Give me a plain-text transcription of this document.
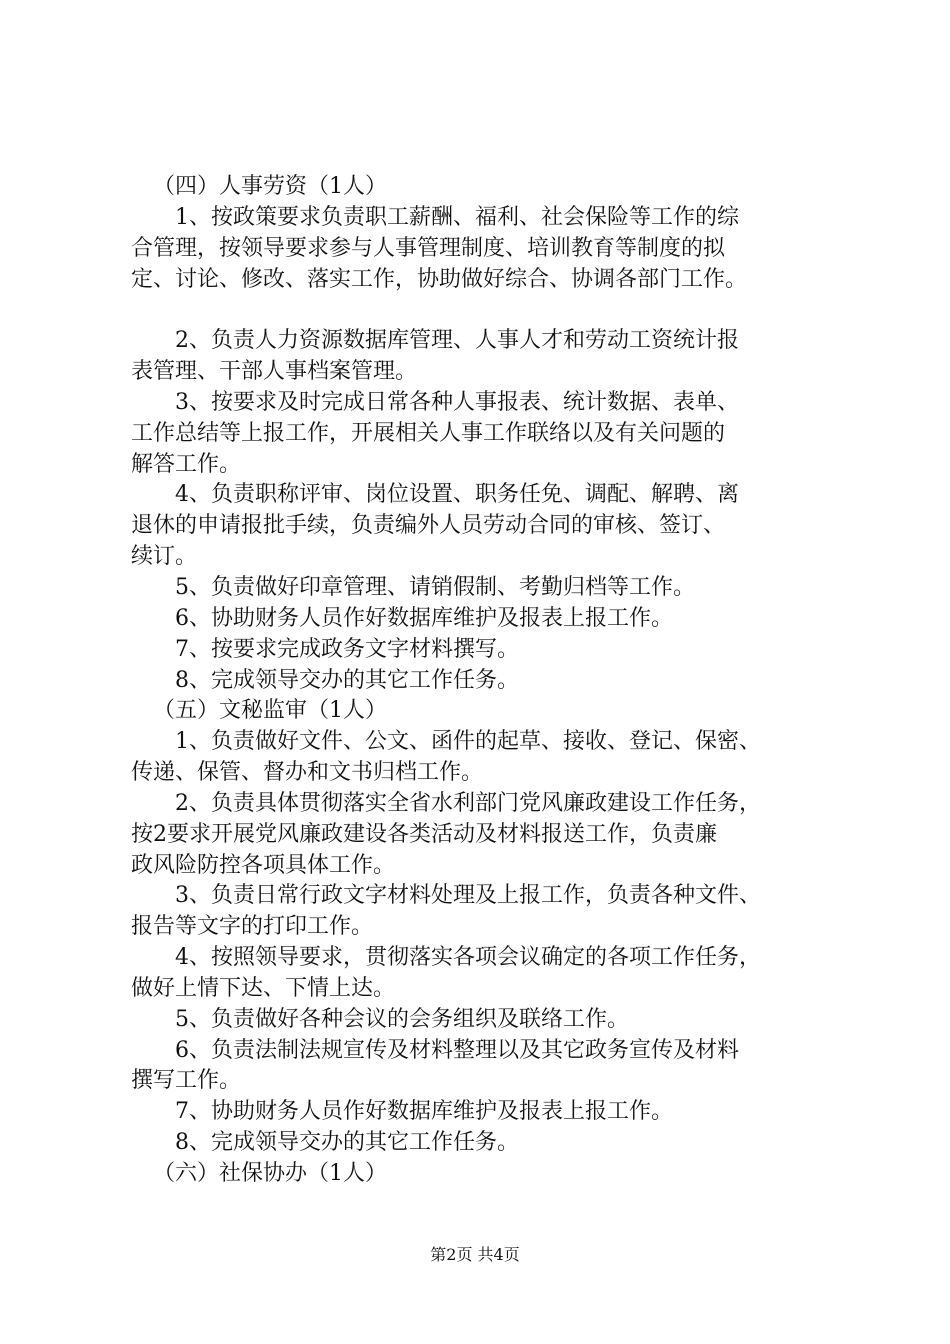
（四）人事劳资（1人）
1、按政策要求负责职工薪酬、福利、社会保险等工作的综
合管理，按领导要求参与人事管理制度、培训教育等制度的拟
定、讨论、修改、落实工作，协助做好综合、协调各部门工作。
2、负责人力资源数据库管理、人事人才和劳动工资统计报
表管理、干部人事档案管理。
3、按要求及时完成日常各种人事报表、统计数据、表单、
工作总结等上报工作，开展相关人事工作联络以及有关问题的
解答工作。
4、负责职称评审、岗位设置、职务任免、调配、解聘、离
退休的申请报批手续，负责编外人员劳动合同的审核、签订、
续订。
5、负责做好印章管理、请销假制、考勤归档等工作。
6、协助财务人员作好数据库维护及报表上报工作。
7、按要求完成政务文字材料撰写。
8、完成领导交办的其它工作任务。
（五）文秘监审（1人）
1、负责做好文件、公文、函件的起草、接收、登记、保密、
传递、保管、督办和文书归档工作。
2、负责具体贯彻落实全省水利部门党风廉政建设工作任务，
按2要求开展党风廉政建设各类活动及材料报送工作，负责廉
政风险防控各项具体工作。
3、负责日常行政文字材料处理及上报工作，负责各种文件、
报告等文字的打印工作。
4、按照领导要求，贯彻落实各项会议确定的各项工作任务，
做好上情下达、下情上达。
5、负责做好各种会议的会务组织及联络工作。
6、负责法制法规宣传及材料整理以及其它政务宣传及材料
撰写工作。
7、协助财务人员作好数据库维护及报表上报工作。
8、完成领导交办的其它工作任务。
（六）社保协办（1人）
第2页 共4页
